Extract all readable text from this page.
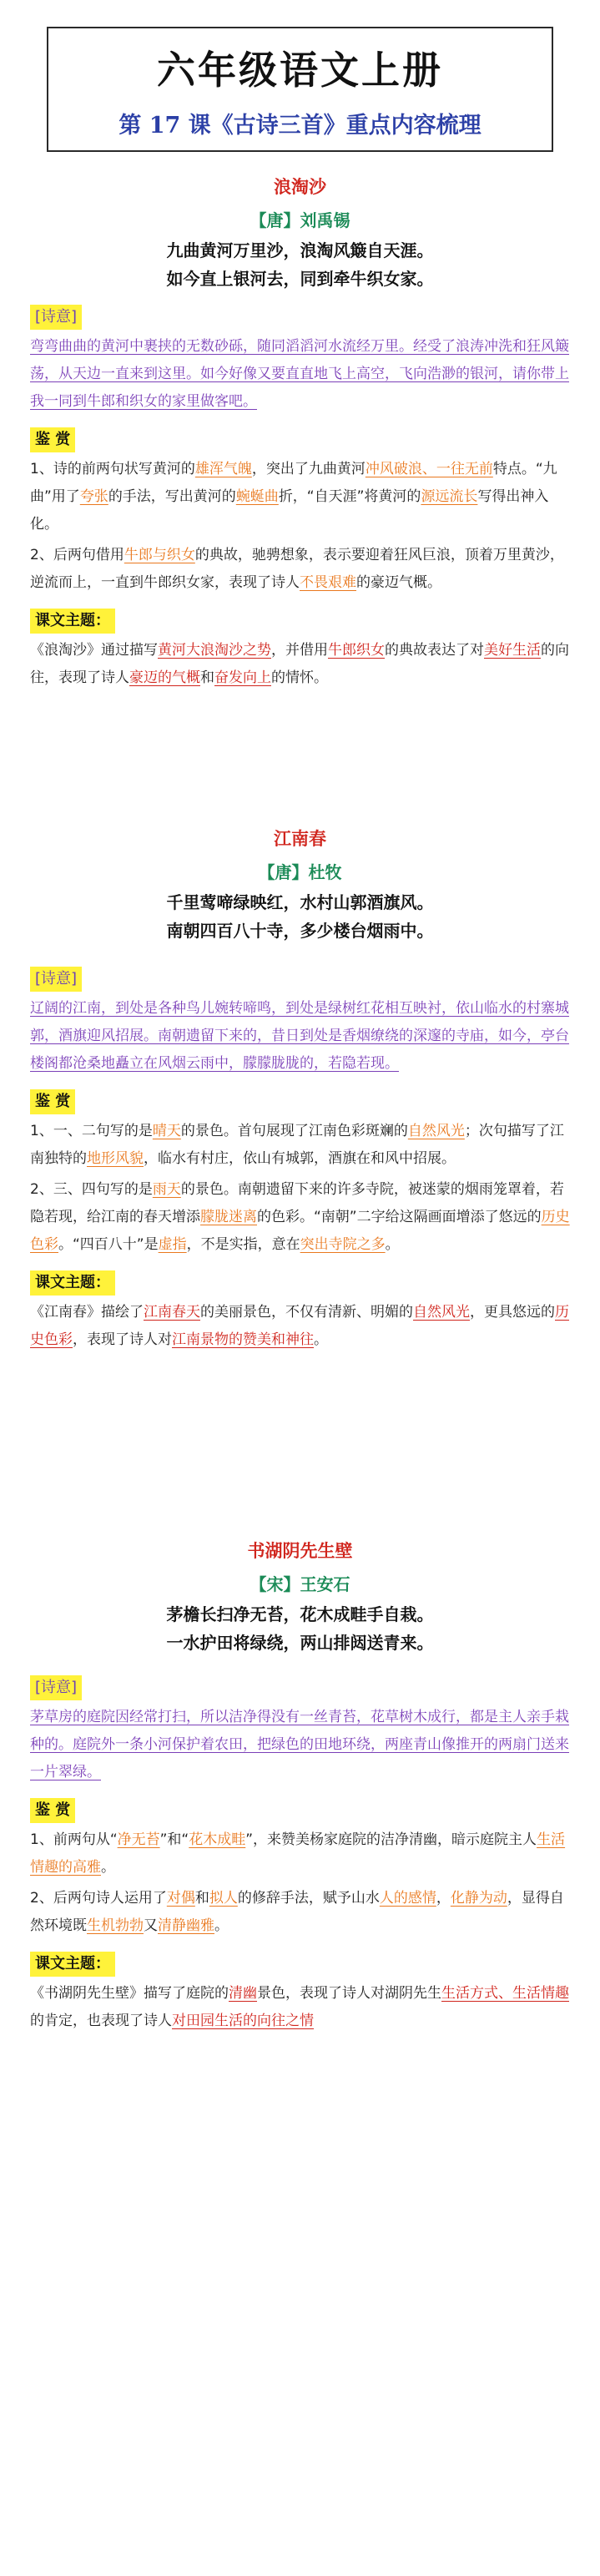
六年级语文上册
第 17 课《古诗三首》重点内容梳理
浪淘沙
【唐】刘禹锡
九曲黄河万里沙，浪淘风簸自天涯。
如今直上银河去，同到牵牛织女家。
[诗意]
弯弯曲曲的黄河中裹挟的无数砂砾，随同滔滔河水流经万里。经受了浪涛冲洗和狂风簸荡，从天边一直来到这里。如今好像又要直直地飞上高空，飞向浩渺的银河，请你带上我一同到牛郎和织女的家里做客吧。
鉴 赏
1、诗的前两句状写黄河的雄浑气魄，突出了九曲黄河冲风破浪、一往无前特点。“九曲”用了夸张的手法，写出黄河的蜿蜒曲折，“自天涯”将黄河的源远流长写得出神入化。
2、后两句借用牛郎与织女的典故，驰骋想象，表示要迎着狂风巨浪，顶着万里黄沙，逆流而上，一直到牛郎织女家，表现了诗人不畏艰难的豪迈气概。
课文主题：
《浪淘沙》通过描写黄河大浪淘沙之势，并借用牛郎织女的典故表达了对美好生活的向往，表现了诗人豪迈的气概和奋发向上的情怀。
江南春
【唐】杜牧
千里莺啼绿映红，水村山郭酒旗风。
南朝四百八十寺，多少楼台烟雨中。
[诗意]
辽阔的江南，到处是各种鸟儿婉转啼鸣，到处是绿树红花相互映衬，依山临水的村寨城郭，酒旗迎风招展。南朝遗留下来的，昔日到处是香烟缭绕的深邃的寺庙，如今，亭台楼阁都沧桑地矗立在风烟云雨中，朦朦胧胧的，若隐若现。
鉴 赏
1、一、二句写的是晴天的景色。首句展现了江南色彩斑斓的自然风光；次句描写了江南独特的地形风貌，临水有村庄，依山有城郭，酒旗在和风中招展。
2、三、四句写的是雨天的景色。南朝遗留下来的许多寺院，被迷蒙的烟雨笼罩着，若隐若现，给江南的春天增添朦胧迷离的色彩。“南朝”二字给这隔画面增添了悠远的历史色彩。“四百八十”是虚指，不是实指，意在突出寺院之多。
课文主题：
《江南春》描绘了江南春天的美丽景色，不仅有清新、明媚的自然风光，更具悠远的历史色彩，表现了诗人对江南景物的赞美和神往。
书湖阴先生壁
【宋】王安石
茅檐长扫净无苔，花木成畦手自栽。
一水护田将绿绕，两山排闼送青来。
[诗意]
茅草房的庭院因经常打扫，所以洁净得没有一丝青苔，花草树木成行，都是主人亲手栽种的。庭院外一条小河保护着农田，把绿色的田地环绕，两座青山像推开的两扇门送来一片翠绿。
鉴 赏
1、前两句从“净无苔”和“花木成畦”，来赞美杨家庭院的洁净清幽，暗示庭院主人生活情趣的高雅。
2、后两句诗人运用了对偶和拟人的修辞手法，赋予山水人的感情，化静为动，显得自然环境既生机勃勃又清静幽雅。
课文主题：
《书湖阴先生壁》描写了庭院的清幽景色，表现了诗人对湖阴先生生活方式、生活情趣的肯定，也表现了诗人对田园生活的向往之情
